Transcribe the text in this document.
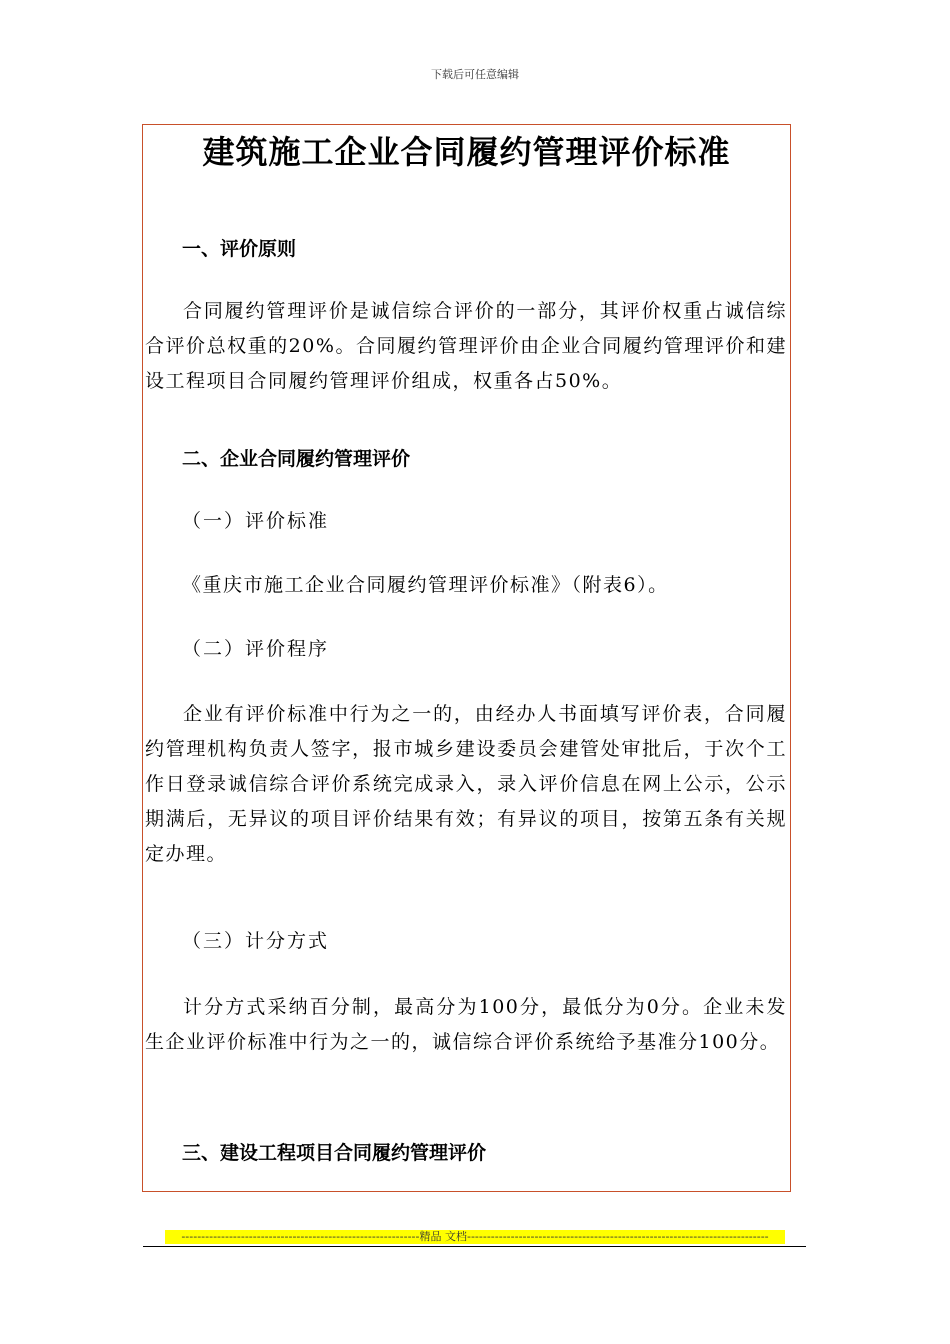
下载后可任意编辑
建筑施工企业合同履约管理评价标准
一、评价原则
合同履约管理评价是诚信综合评价的一部分，其评价权重占诚信综合评价总权重的20%。合同履约管理评价由企业合同履约管理评价和建设工程项目合同履约管理评价组成，权重各占50%。
二、企业合同履约管理评价
（一）评价标准
《重庆市施工企业合同履约管理评价标准》（附表6）。
（二）评价程序
企业有评价标准中行为之一的，由经办人书面填写评价表，合同履约管理机构负责人签字，报市城乡建设委员会建管处审批后，于次个工作日登录诚信综合评价系统完成录入，录入评价信息在网上公示，公示期满后，无异议的项目评价结果有效；有异议的项目，按第五条有关规定办理。
（三）计分方式
计分方式采纳百分制，最高分为100分，最低分为0分。企业未发生企业评价标准中行为之一的，诚信综合评价系统给予基准分100分。
三、建设工程项目合同履约管理评价
------------------------------------------------------------精品 文档----------------------------------------------------------------------------
